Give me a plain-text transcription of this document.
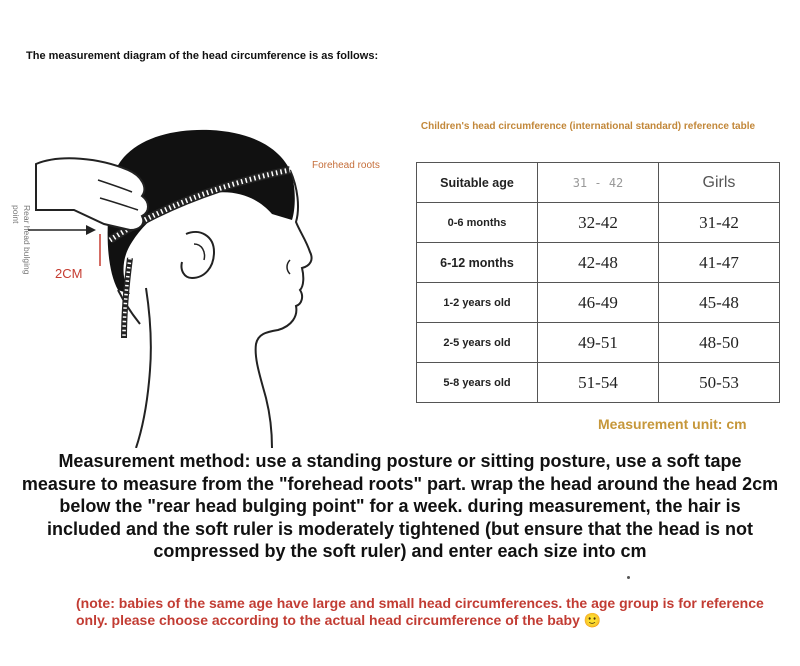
The measurement diagram of the head circumference is as follows:
Rear head bulging point
2CM
Forehead roots
Children's head circumference (international standard) reference table
Suitable age	31 - 42	Girls
0-6 months	32-42	31-42
6-12 months	42-48	41-47
1-2 years old	46-49	45-48
2-5 years old	49-51	48-50
5-8 years old	51-54	50-53
Measurement unit: cm
Measurement method: use a standing posture or sitting posture, use a soft tape measure to measure from the "forehead roots" part. wrap the head around the head 2cm below the "rear head bulging point" for a week. during measurement, the hair is included and the soft ruler is moderately tightened (but ensure that the head is not compressed by the soft ruler) and enter each size into cm
(note: babies of the same age have large and small head circumferences. the age group is for reference only. please choose according to the actual head circumference of the baby 🙂
